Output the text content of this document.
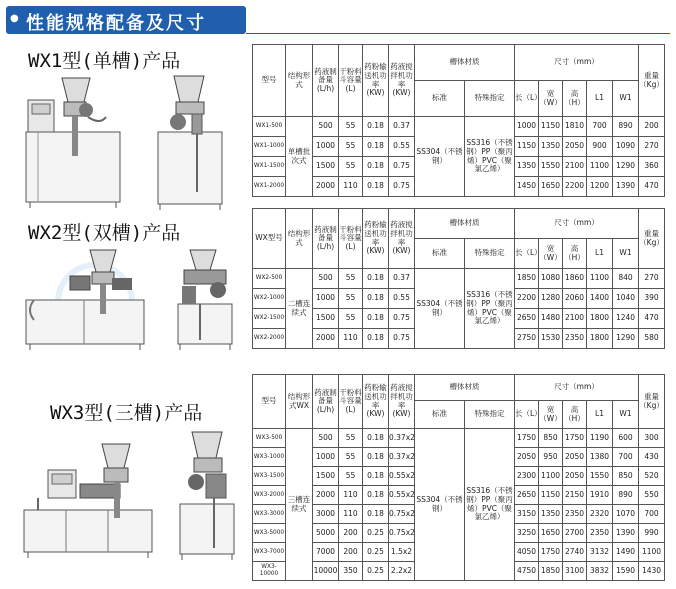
● 性能规格配备及尺寸
WX1型(单槽)产品
WX2型(双槽)产品
WX3型(三槽)产品
型号	结构形式	药液制备量(L/h)	干粉料斗容量(L)	药粉输送机功率(KW)	药液搅拌机功率(KW)	槽体材质		尺寸（mm）					重量（Kg）
						标准	特殊指定	长（L）	宽（W）	高（H）	L1	W1	
WX1-500	单槽批次式	500	55	0.18	0.37	SS304（不锈钢）	SS316（不锈钢）PP（聚丙烯）PVC（聚氯乙烯）	1000	1150	1810	700	890	200
WX1-1000		1000	55	0.18	0.55			1150	1350	2050	900	1090	270
WX1-1500		1500	55	0.18	0.75			1350	1550	2100	1100	1290	360
WX1-2000		2000	110	0.18	0.75			1450	1650	2200	1200	1390	470
WX型号	结构形式	药液制备量(L/h)	干粉料斗容量(L)	药粉输送机功率(KW)	药液搅拌机功率(KW)	槽体材质		尺寸（mm）					重量（Kg）
						标准	特殊指定	长（L）	宽（W）	高（H）	L1	W1	
WX2-500	二槽连续式	500	55	0.18	0.37	SS304（不锈钢）	SS316（不锈钢）PP（聚丙烯）PVC（聚氯乙烯）	1850	1080	1860	1100	840	270
WX2-1000		1000	55	0.18	0.55			2200	1280	2060	1400	1040	390
WX2-1500		1500	55	0.18	0.75			2650	1480	2100	1800	1240	470
WX2-2000		2000	110	0.18	0.75			2750	1530	2350	1800	1290	580
型号	结构形式WX	药液制备量(L/h)	干粉料斗容量(L)	药粉输送机功率(KW)	药液搅拌机功率(KW)	槽体材质		尺寸（mm）					重量（Kg）
						标准	特殊指定	长（L）	宽（W）	高（H）	L1	W1	
WX3-500	三槽连续式	500	55	0.18	0.37x2	SS304（不锈钢）	SS316（不锈钢）PP（聚丙烯）PVC（聚氯乙烯）	1750	850	1750	1190	600	300
WX3-1000		1000	55	0.18	0.37x2			2050	950	2050	1380	700	430
WX3-1500		1500	55	0.18	0.55x2			2300	1100	2050	1550	850	520
WX3-2000		2000	110	0.18	0.55x2			2650	1150	2150	1910	890	550
WX3-3000		3000	110	0.18	0.75x2			3150	1350	2350	2320	1070	700
WX3-5000		5000	200	0.25	0.75x2			3250	1650	2700	2350	1390	990
WX3-7000		7000	200	0.25	1.5x2			4050	1750	2740	3132	1490	1100
WX3-10000		10000	350	0.25	2.2x2			4750	1850	3100	3832	1590	1430
